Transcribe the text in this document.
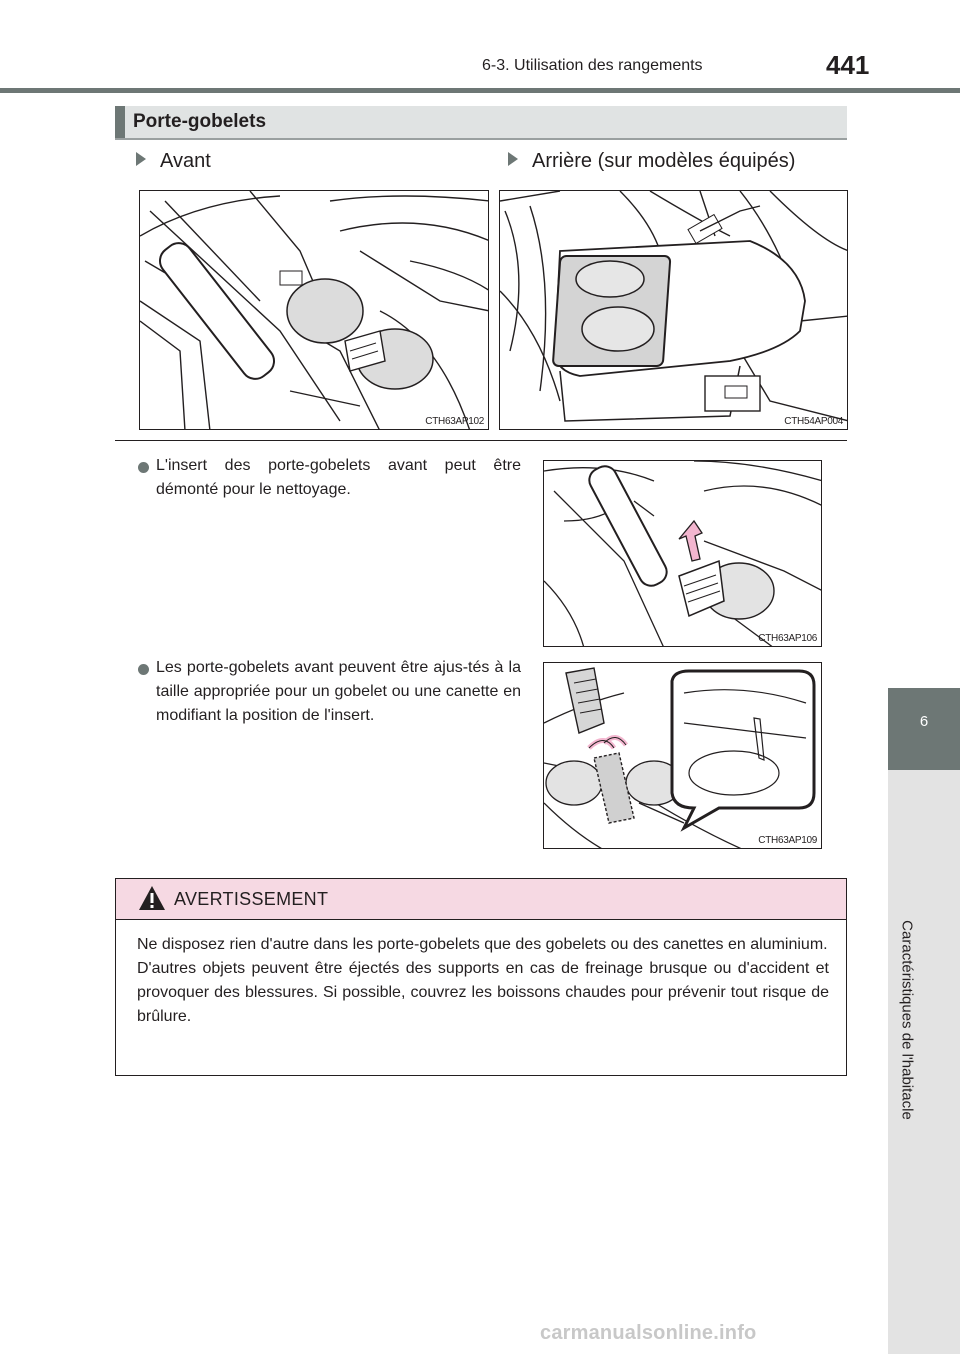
6-3. Utilisation des rangements	441
6
Caractéristiques de l'habitacle
Porte-gobelets
Avant	Arrière (sur modèles équipés)
CTH63AP102	CTH54AP004
L'insert des porte-gobelets avant peut être démonté pour le nettoyage.
CTH63AP106
Les porte-gobelets avant peuvent être ajus-tés à la taille appropriée pour un gobelet ou une canette en modifiant la position de l'insert.
CTH63AP109
AVERTISSEMENT
Ne disposez rien d'autre dans les porte-gobelets que des gobelets ou des canettes en aluminium.
D'autres objets peuvent être éjectés des supports en cas de freinage brusque ou d'accident et provoquer des blessures. Si possible, couvrez les boissons chaudes pour prévenir tout risque de brûlure.
carmanualsonline.info
